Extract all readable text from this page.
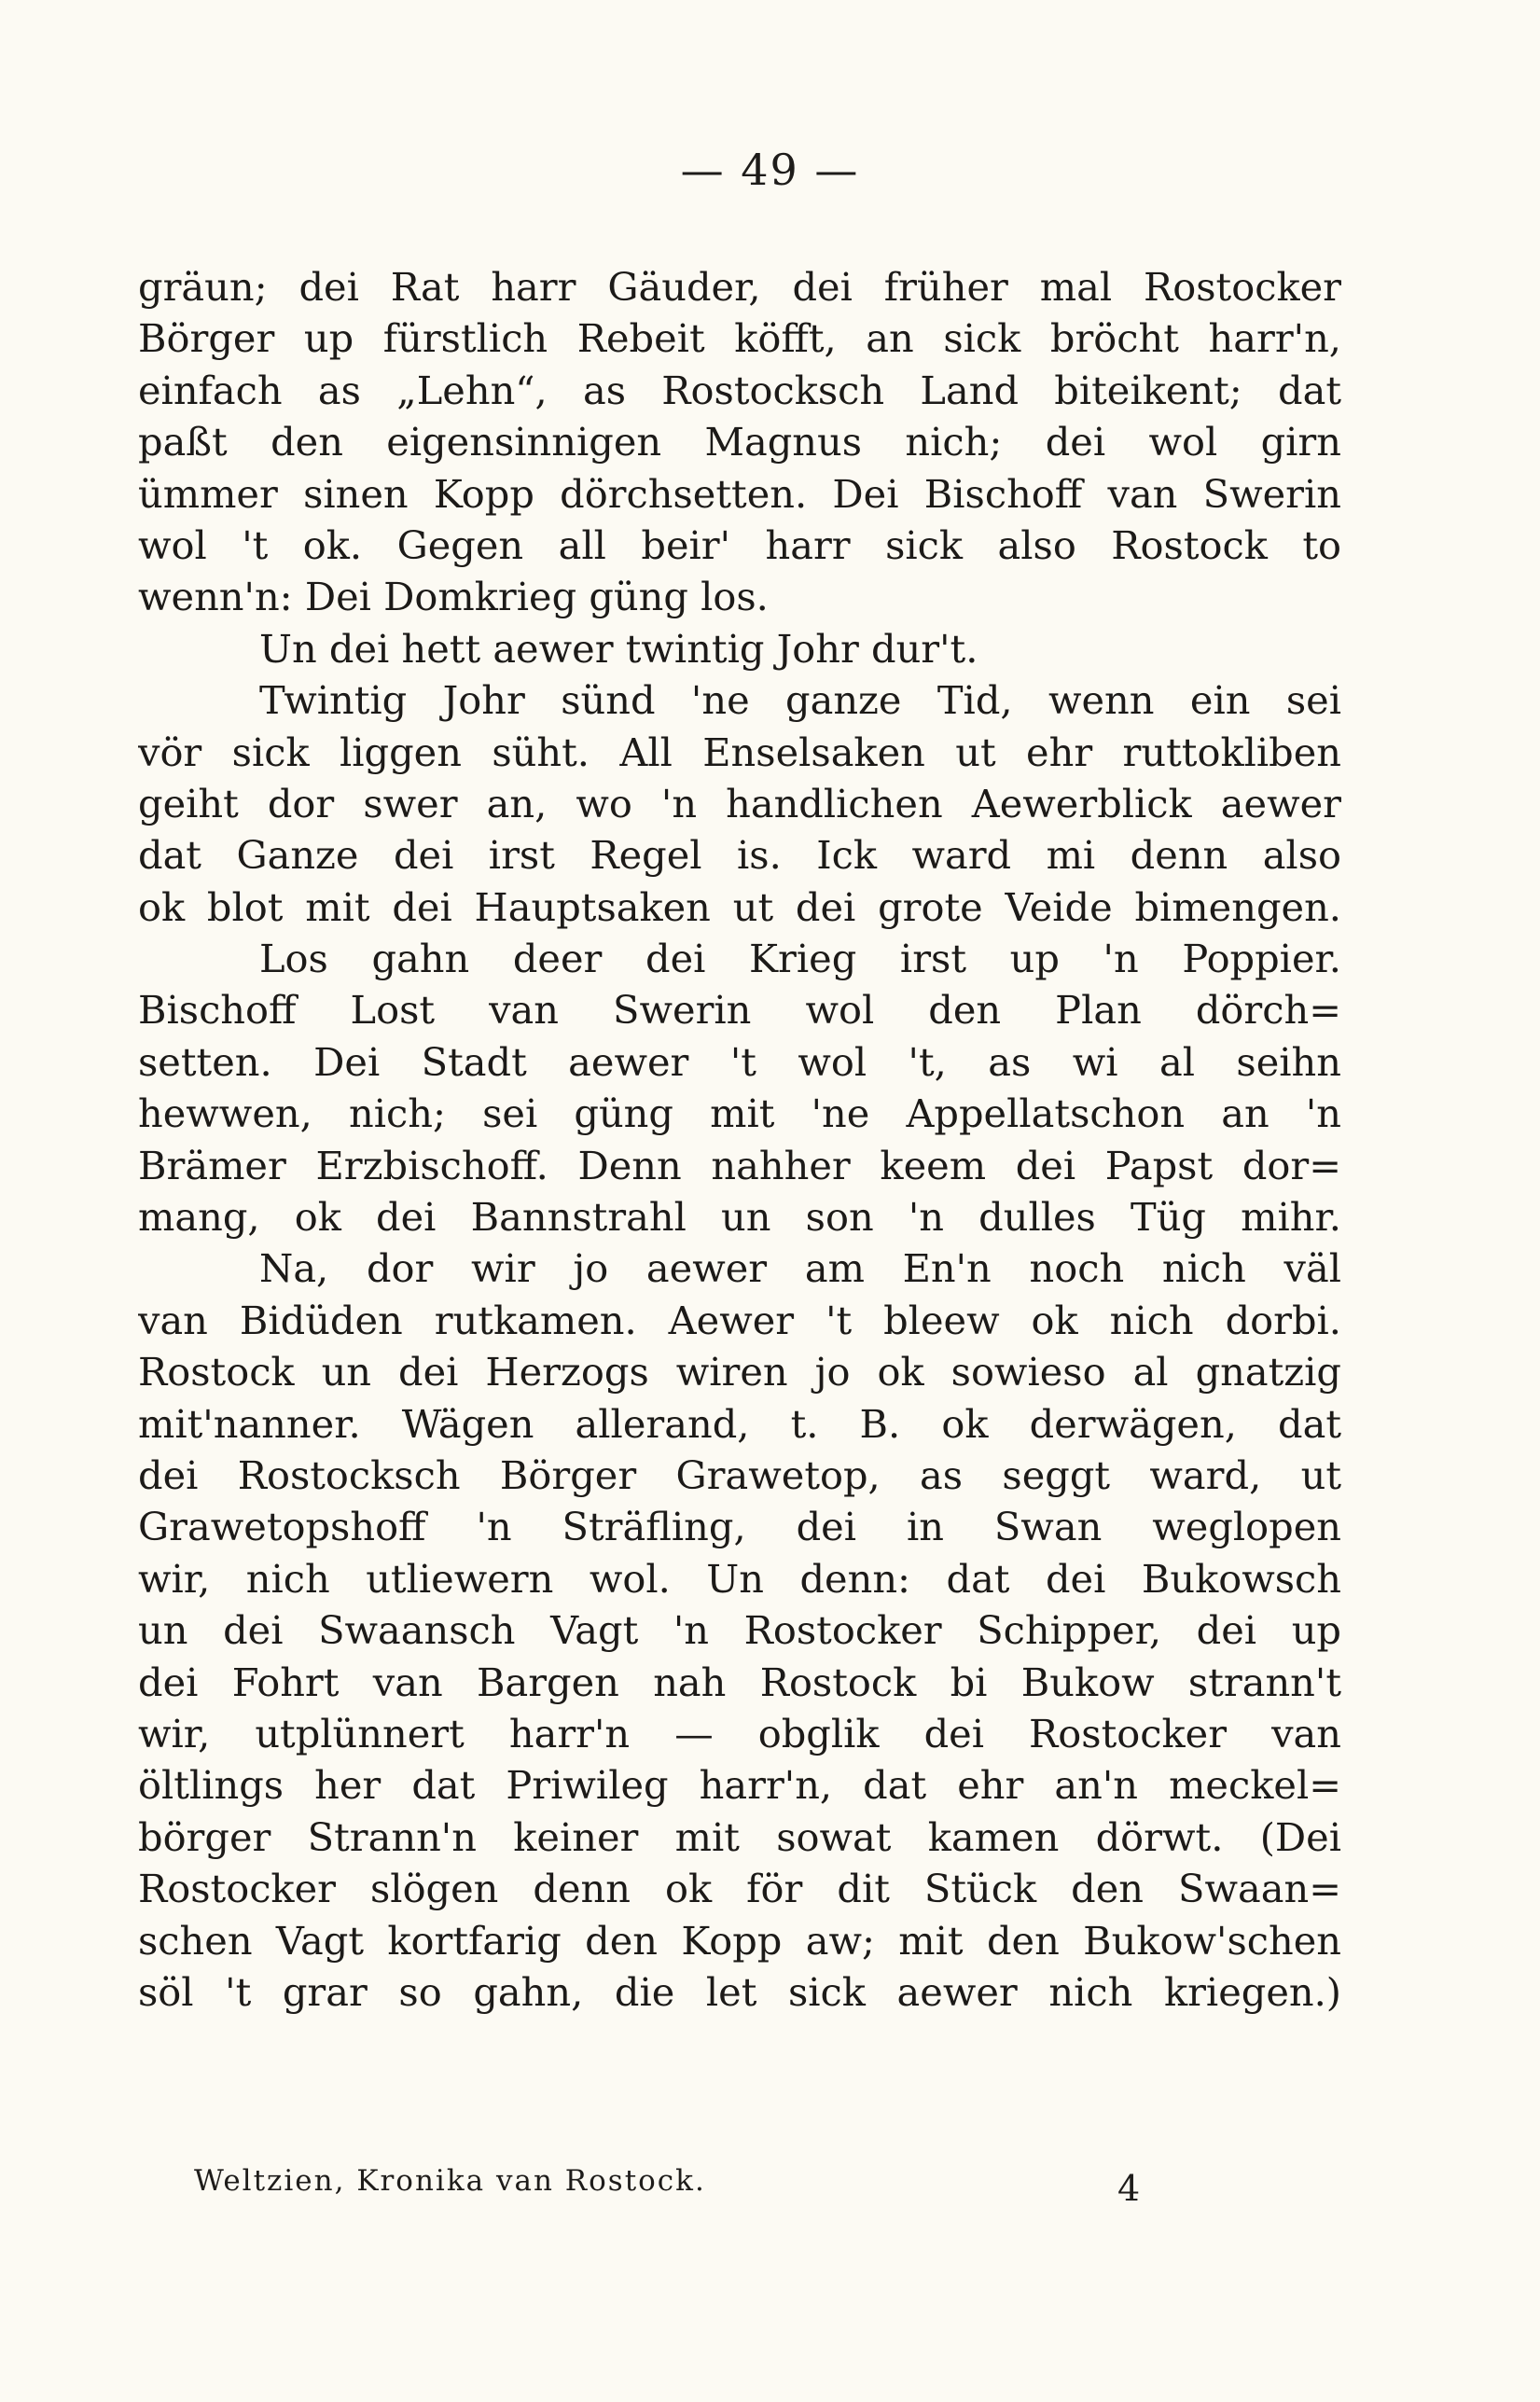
— 49 —
gräun; dei Rat harr Gäuder, dei früher mal Rostocker
Börger up fürstlich Rebeit köfft, an sick bröcht harr'n,
einfach as „Lehn“, as Rostocksch Land biteikent; dat
paßt den eigensinnigen Magnus nich; dei wol girn
ümmer sinen Kopp dörchsetten. Dei Bischoff van Swerin
wol 't ok. Gegen all beir' harr sick also Rostock to
wenn'n: Dei Domkrieg güng los.
Un dei hett aewer twintig Johr dur't.
Twintig Johr sünd 'ne ganze Tid, wenn ein sei
vör sick liggen süht. All Enselsaken ut ehr ruttokliben
geiht dor swer an, wo 'n handlichen Aewerblick aewer
dat Ganze dei irst Regel is. Ick ward mi denn also
ok blot mit dei Hauptsaken ut dei grote Veide bimengen.
Los gahn deer dei Krieg irst up 'n Poppier.
Bischoff Lost van Swerin wol den Plan dörch=
setten. Dei Stadt aewer 't wol 't, as wi al seihn
hewwen, nich; sei güng mit 'ne Appellatschon an 'n
Brämer Erzbischoff. Denn nahher keem dei Papst dor=
mang, ok dei Bannstrahl un son 'n dulles Tüg mihr.
Na, dor wir jo aewer am En'n noch nich väl
van Bidüden rutkamen. Aewer 't bleew ok nich dorbi.
Rostock un dei Herzogs wiren jo ok sowieso al gnatzig
mit'nanner. Wägen allerand, t. B. ok derwägen, dat
dei Rostocksch Börger Grawetop, as seggt ward, ut
Grawetopshoff 'n Sträfling, dei in Swan weglopen
wir, nich utliewern wol. Un denn: dat dei Bukowsch
un dei Swaansch Vagt 'n Rostocker Schipper, dei up
dei Fohrt van Bargen nah Rostock bi Bukow strann't
wir, utplünnert harr'n — obglik dei Rostocker van
öltlings her dat Priwileg harr'n, dat ehr an'n meckel=
börger Strann'n keiner mit sowat kamen dörwt. (Dei
Rostocker slögen denn ok för dit Stück den Swaan=
schen Vagt kortfarig den Kopp aw; mit den Bukow'schen
söl 't grar so gahn, die let sick aewer nich kriegen.)
Weltzien, Kronika van Rostock.	4
